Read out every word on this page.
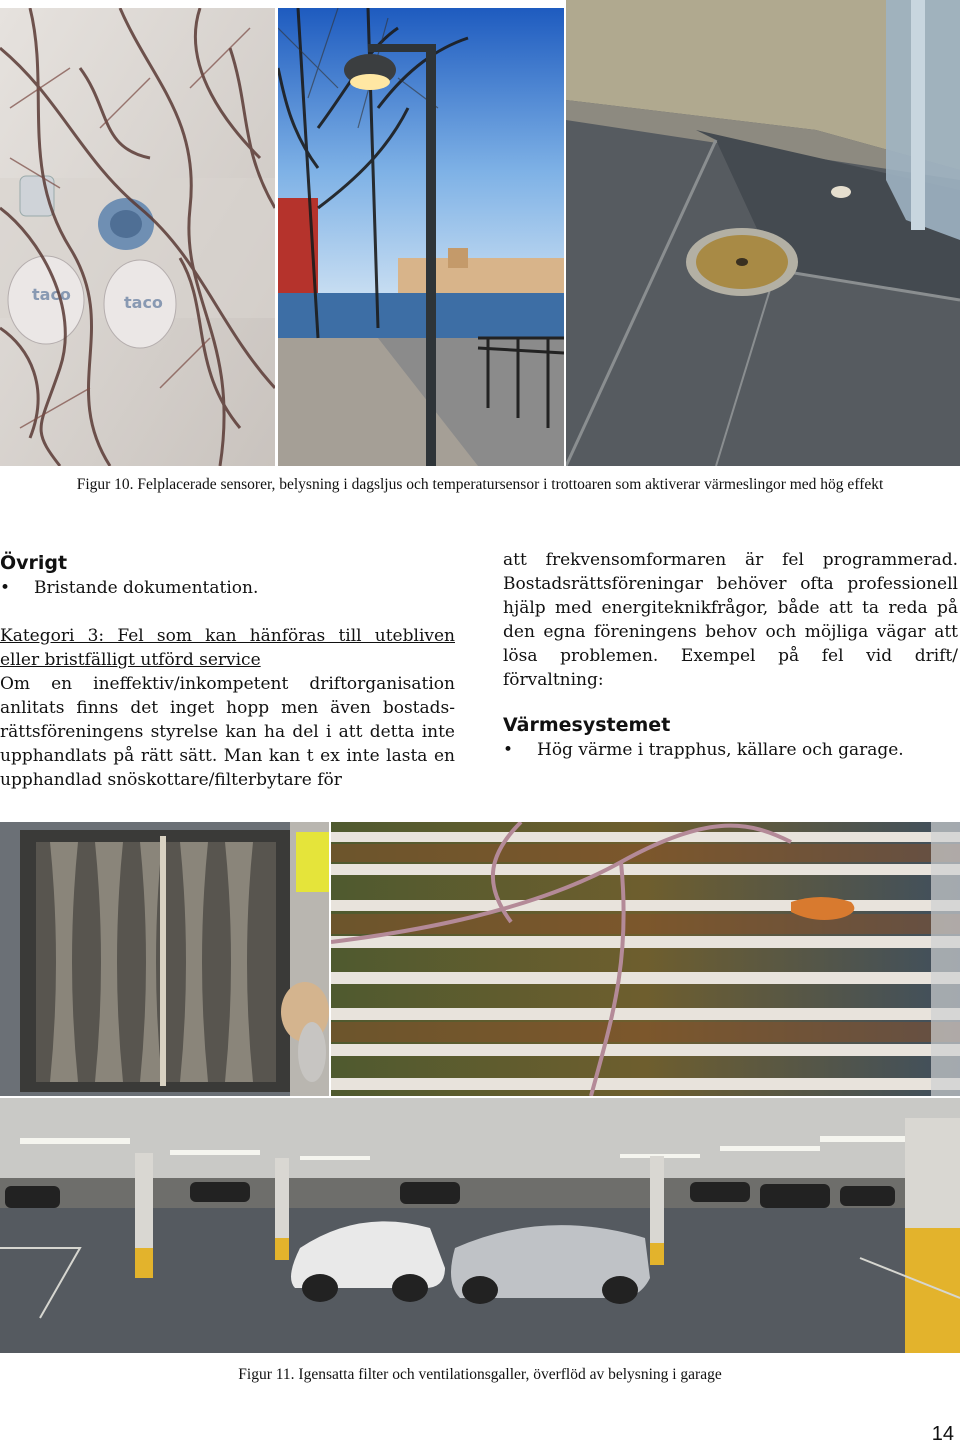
taco	taco
Figur 10. Felplacerade sensorer, belysning i dagsljus och temperatursensor i trottoaren som aktiverar värmeslingor med hög effekt
Övrigt
•	Bristande dokumentation.
Kategori 3: Fel som kan hänföras till utebliven
eller bristfälligt utförd service
Om en ineffektiv/inkompetent driftorganisation anlitats finns det inget hopp men även bostads-rättsföreningens styrelse kan ha del i att detta inte upphandlats på rätt sätt. Man kan t ex inte lasta en upphandlad snöskottare/filterbytare för
att frekvensomformaren är fel programmerad. Bostadsrättsföreningar behöver ofta professionell hjälp med energiteknikfrågor, både att ta reda på den egna föreningens behov och möjliga vägar att lösa problemen. Exempel på fel vid drift/ förvaltning:
Värmesystemet
•	Hög värme i trapphus, källare och garage.
Figur 11. Igensatta filter och ventilationsgaller, överflöd av belysning i garage
14
